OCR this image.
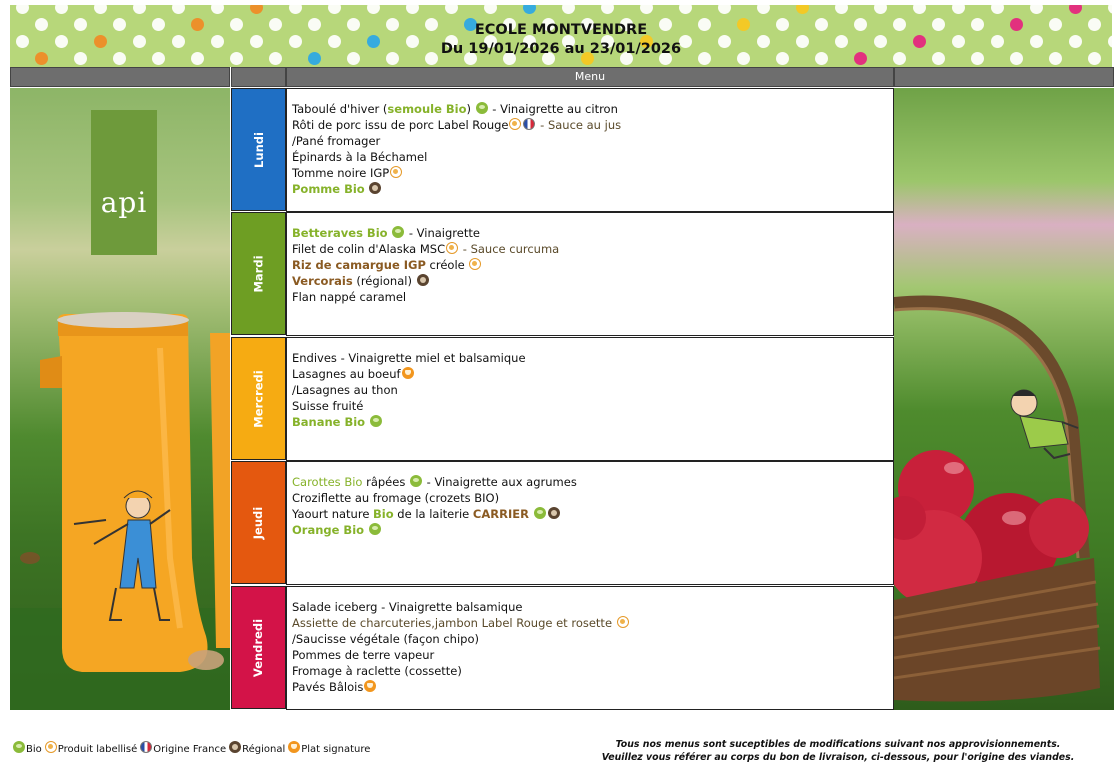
ECOLE MONTVENDRE
Du 19/01/2026 au 23/01/2026
Menu
api
Lundi
Taboulé d'hiver (semoule Bio)  - Vinaigrette au citron
Rôti de porc issu de porc Label Rouge - Sauce au jus
/Pané fromager
Épinards à la Béchamel
Tomme noire IGP
Pomme Bio
Mardi
Betteraves Bio  - Vinaigrette
Filet de colin d'Alaska MSC - Sauce curcuma
Riz de camargue IGP créole
Vercorais (régional)
Flan nappé caramel
Mercredi
Endives - Vinaigrette miel et balsamique
Lasagnes au boeuf
/Lasagnes au thon
Suisse fruité
Banane Bio
Jeudi
Carottes Bio râpées  - Vinaigrette aux agrumes
Croziflette au fromage (crozets BIO)
Yaourt nature Bio de la laiterie CARRIER
Orange Bio
Vendredi
Salade iceberg - Vinaigrette balsamique
Assiette de charcuteries,jambon Label Rouge et rosette
/Saucisse végétale (façon chipo)
Pommes de terre vapeur
Fromage à raclette (cossette)
Pavés Bâlois
Bio Produit labellisé Origine France Régional Plat signature	Tous nos menus sont suceptibles de modifications suivant nos approvisionnements.
Veuillez vous référer au corps du bon de livraison, ci-dessous, pour l'origine des viandes.
